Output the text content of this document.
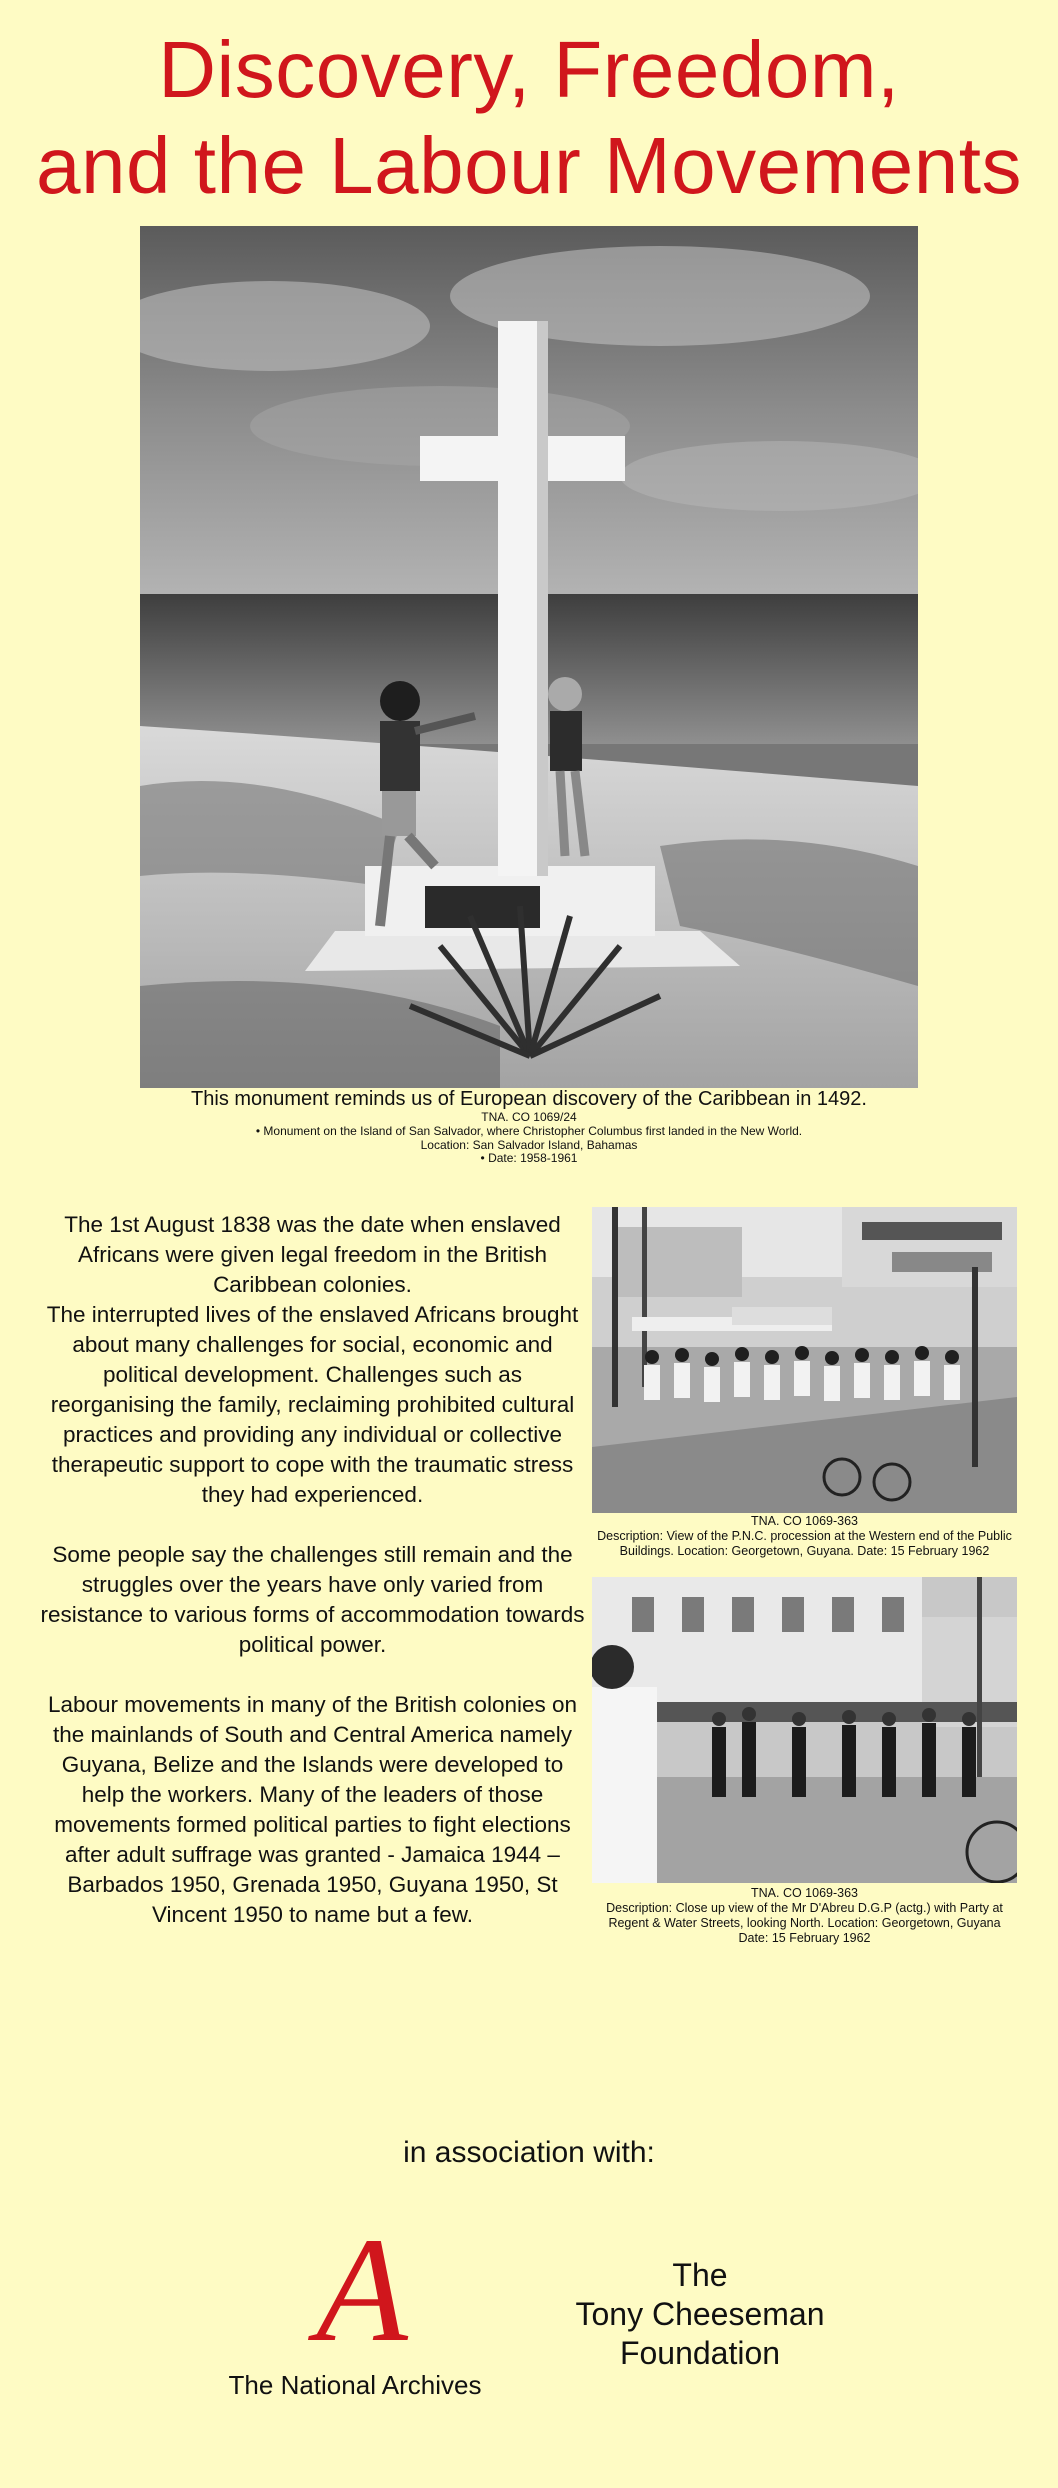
Discovery, Freedom,
and the Labour Movements
This monument reminds us of European discovery of the Caribbean in 1492.
TNA. CO 1069/24
• Monument on the Island of San Salvador, where Christopher Columbus first landed in the New World.
Location: San Salvador Island, Bahamas
• Date: 1958-1961

The 1st August 1838 was the date when enslaved Africans were given legal freedom in the British Caribbean colonies.

The interrupted lives of the enslaved Africans brought about many challenges for social, economic and political development. Challenges such as reorganising the family, reclaiming prohibited cultural practices and providing any individual or collective therapeutic support to cope with the traumatic stress they had experienced.

Some people say the challenges still remain and the struggles over the years have only varied from resistance to various forms of accommodation towards political power.

Labour movements in many of the British colonies on the mainlands of South and Central America namely Guyana, Belize and the Islands were developed to help the workers. Many of the leaders of those movements formed political parties to fight elections after adult suffrage was granted - Jamaica 1944 – Barbados 1950, Grenada 1950, Guyana 1950, St Vincent 1950 to name but a few.

TNA. CO 1069-363
Description: View of the P.N.C. procession at the Western end of the Public Buildings. Location: Georgetown, Guyana. Date: 15 February 1962
TNA. CO 1069-363
Description: Close up view of the Mr D'Abreu D.G.P (actg.) with Party at Regent & Water Streets, looking North. Location: Georgetown, Guyana Date: 15 February 1962
in association with:
A
The National Archives
The
Tony Cheeseman
Foundation
